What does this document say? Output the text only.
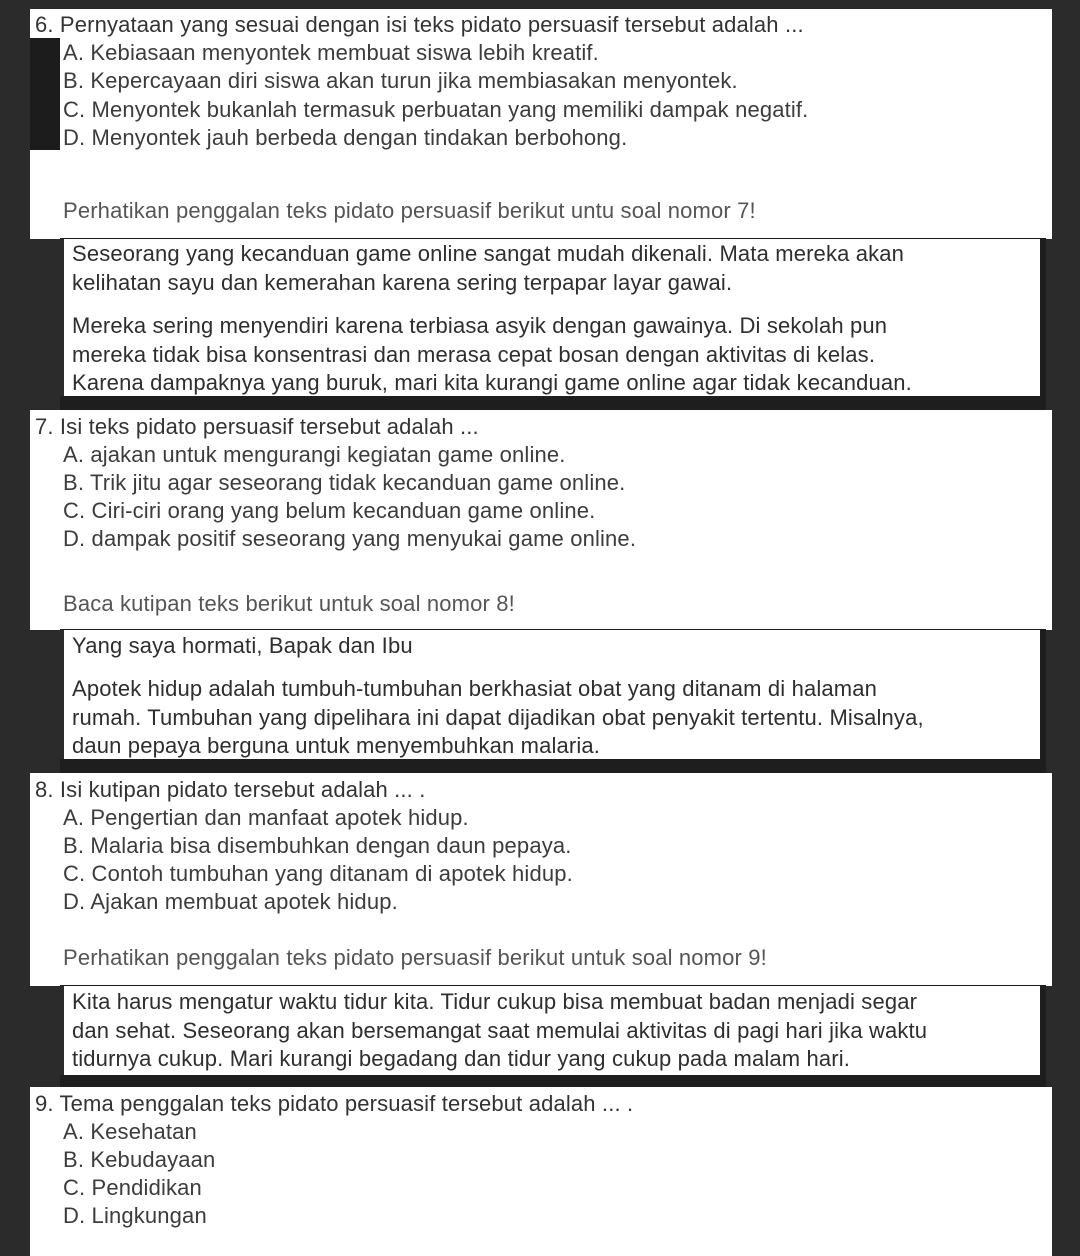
6. Pernyataan yang sesuai dengan isi teks pidato persuasif tersebut adalah ...
A. Kebiasaan menyontek membuat siswa lebih kreatif.
B. Kepercayaan diri siswa akan turun jika membiasakan menyontek.
C. Menyontek bukanlah termasuk perbuatan yang memiliki dampak negatif.
D. Menyontek jauh berbeda dengan tindakan berbohong.
Perhatikan penggalan teks pidato persuasif berikut untu soal nomor 7!
Seseorang yang kecanduan game online sangat mudah dikenali. Mata mereka akan
kelihatan sayu dan kemerahan karena sering terpapar layar gawai.
Mereka sering menyendiri karena terbiasa asyik dengan gawainya. Di sekolah pun
mereka tidak bisa konsentrasi dan merasa cepat bosan dengan aktivitas di kelas.
Karena dampaknya yang buruk, mari kita kurangi game online agar tidak kecanduan.
7. Isi teks pidato persuasif tersebut adalah ...
A. ajakan untuk mengurangi kegiatan game online.
B. Trik jitu agar seseorang tidak kecanduan game online.
C. Ciri-ciri orang yang belum kecanduan game online.
D. dampak positif seseorang yang menyukai game online.
Baca kutipan teks berikut untuk soal nomor 8!
Yang saya hormati, Bapak dan Ibu
Apotek hidup adalah tumbuh-tumbuhan berkhasiat obat yang ditanam di halaman
rumah. Tumbuhan yang dipelihara ini dapat dijadikan obat penyakit tertentu. Misalnya,
daun pepaya berguna untuk menyembuhkan malaria.
8. Isi kutipan pidato tersebut adalah ... .
A. Pengertian dan manfaat apotek hidup.
B. Malaria bisa disembuhkan dengan daun pepaya.
C. Contoh tumbuhan yang ditanam di apotek hidup.
D. Ajakan membuat apotek hidup.
Perhatikan penggalan teks pidato persuasif berikut untuk soal nomor 9!
Kita harus mengatur waktu tidur kita. Tidur cukup bisa membuat badan menjadi segar
dan sehat. Seseorang akan bersemangat saat memulai aktivitas di pagi hari jika waktu
tidurnya cukup. Mari kurangi begadang dan tidur yang cukup pada malam hari.
9. Tema penggalan teks pidato persuasif tersebut adalah ... .
A. Kesehatan
B. Kebudayaan
C. Pendidikan
D. Lingkungan
